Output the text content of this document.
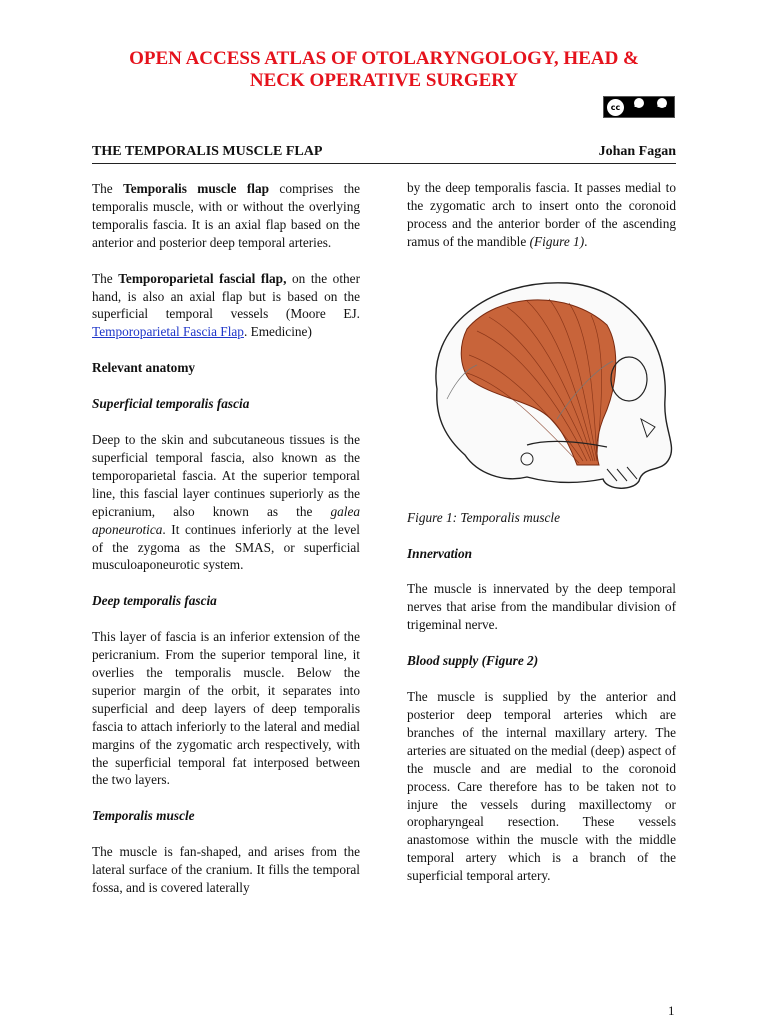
OPEN ACCESS ATLAS OF OTOLARYNGOLOGY, HEAD &
NECK OPERATIVE SURGERY
cc	BY NC
THE TEMPORALIS MUSCLE FLAP	Johan Fagan

The Temporalis muscle flap comprises the temporalis muscle, with or without the overlying temporalis fascia. It is an axial flap based on the anterior and posterior deep temporal arteries.

The Temporoparietal fascial flap, on the other hand, is also an axial flap but is based on the superficial temporal vessels (Moore EJ. Temporoparietal Fascia Flap. Emedicine)

Relevant anatomy
Superficial temporalis fascia

Deep to the skin and subcutaneous tissues is the superficial temporal fascia, also known as the temporoparietal fascia. At the superior temporal line, this fascial layer continues superiorly as the epicranium, also known as the galea aponeurotica. It continues inferiorly at the level of the zygoma as the SMAS, or superficial musculoaponeurotic system.

Deep temporalis fascia

This layer of fascia is an inferior extension of the pericranium. From the superior temporal line, it overlies the temporalis muscle. Below the superior margin of the orbit, it separates into superficial and deep layers of deep temporalis fascia to attach inferiorly to the lateral and medial margins of the zygomatic arch respectively, with the superficial temporal fat interposed between the two layers.

Temporalis muscle

The muscle is fan-shaped, and arises from the lateral surface of the cranium. It fills the temporal fossa, and is covered laterally

by the deep temporalis fascia. It passes medial to the zygomatic arch to insert onto the coronoid process and the anterior border of the ascending ramus of the mandible (Figure 1).

Figure 1: Temporalis muscle

Innervation

The muscle is innervated by the deep temporal nerves that arise from the mandibular division of trigeminal nerve.

Blood supply (Figure 2)

The muscle is supplied by the anterior and posterior deep temporal arteries which are branches of the internal maxillary artery. The arteries are situated on the medial (deep) aspect of the muscle and are medial to the coronoid process. Care therefore has to be taken not to injure the vessels during maxillectomy or oropharyngeal resection. These vessels anastomose within the muscle with the middle temporal artery which is a branch of the superficial temporal artery.

1
